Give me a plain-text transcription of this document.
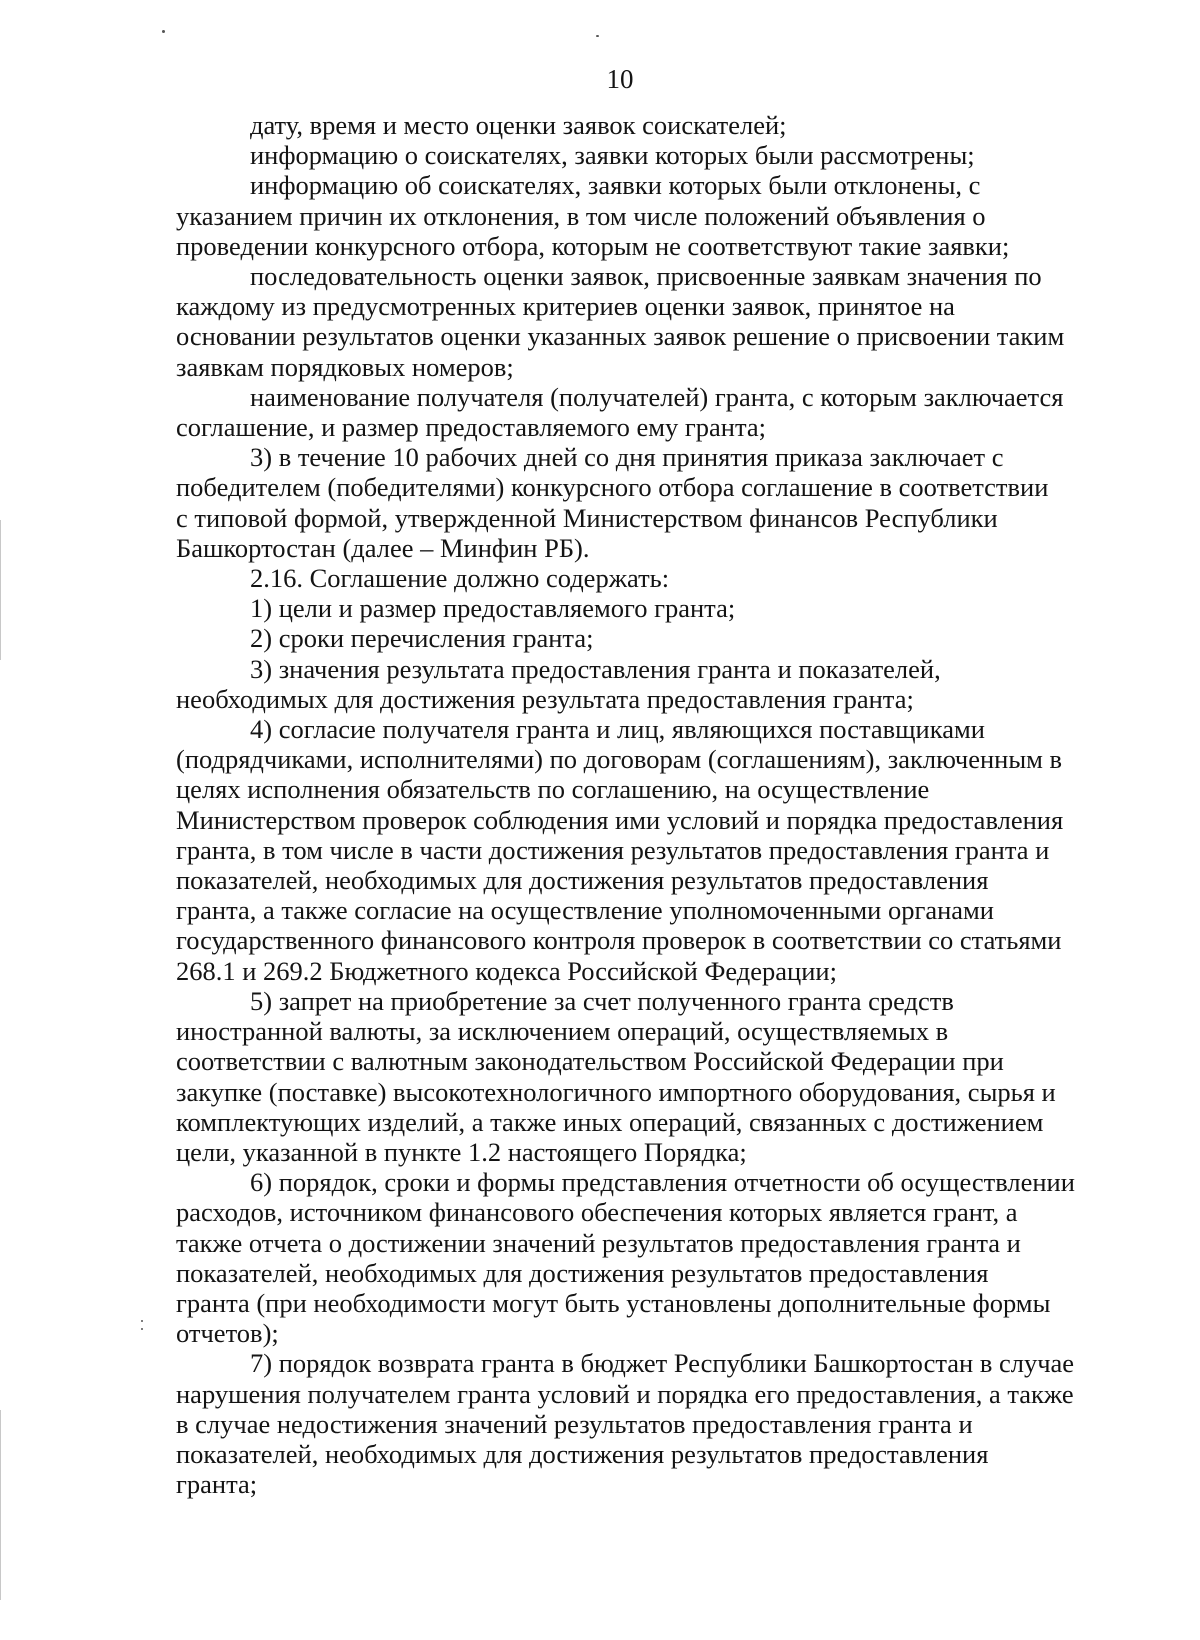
10

дату, время и место оценки заявок соискателей;

информацию о соискателях, заявки которых были рассмотрены;

информацию об соискателях, заявки которых были отклонены, с
указанием причин их отклонения, в том числе положений объявления о
проведении конкурсного отбора, которым не соответствуют такие заявки;

последовательность оценки заявок, присвоенные заявкам значения по
каждому из предусмотренных критериев оценки заявок, принятое на
основании результатов оценки указанных заявок решение о присвоении таким
заявкам порядковых номеров;

наименование получателя (получателей) гранта, с которым заключается
соглашение, и размер предоставляемого ему гранта;

3) в течение 10 рабочих дней со дня принятия приказа заключает с
победителем (победителями) конкурсного отбора соглашение в соответствии
с типовой формой, утвержденной Министерством финансов Республики
Башкортостан (далее – Минфин РБ).

2.16. Соглашение должно содержать:

1) цели и размер предоставляемого гранта;

2) сроки перечисления гранта;

3) значения результата предоставления гранта и показателей,
необходимых для достижения результата предоставления гранта;

4) согласие получателя гранта и лиц, являющихся поставщиками
(подрядчиками, исполнителями) по договорам (соглашениям), заключенным в
целях исполнения обязательств по соглашению, на осуществление
Министерством проверок соблюдения ими условий и порядка предоставления
гранта, в том числе в части достижения результатов предоставления гранта и
показателей, необходимых для достижения результатов предоставления
гранта, а также согласие на осуществление уполномоченными органами
государственного финансового контроля проверок в соответствии со статьями
268.1 и 269.2 Бюджетного кодекса Российской Федерации;

5) запрет на приобретение за счет полученного гранта средств
иностранной валюты, за исключением операций, осуществляемых в
соответствии с валютным законодательством Российской Федерации при
закупке (поставке) высокотехнологичного импортного оборудования, сырья и
комплектующих изделий, а также иных операций, связанных с достижением
цели, указанной в пункте 1.2 настоящего Порядка;

6) порядок, сроки и формы представления отчетности об осуществлении
расходов, источником финансового обеспечения которых является грант, а
также отчета о достижении значений результатов предоставления гранта и
показателей, необходимых для достижения результатов предоставления
гранта (при необходимости могут быть установлены дополнительные формы
отчетов);

7) порядок возврата гранта в бюджет Республики Башкортостан в случае
нарушения получателем гранта условий и порядка его предоставления, а также
в случае недостижения значений результатов предоставления гранта и
показателей, необходимых для достижения результатов предоставления
гранта;
